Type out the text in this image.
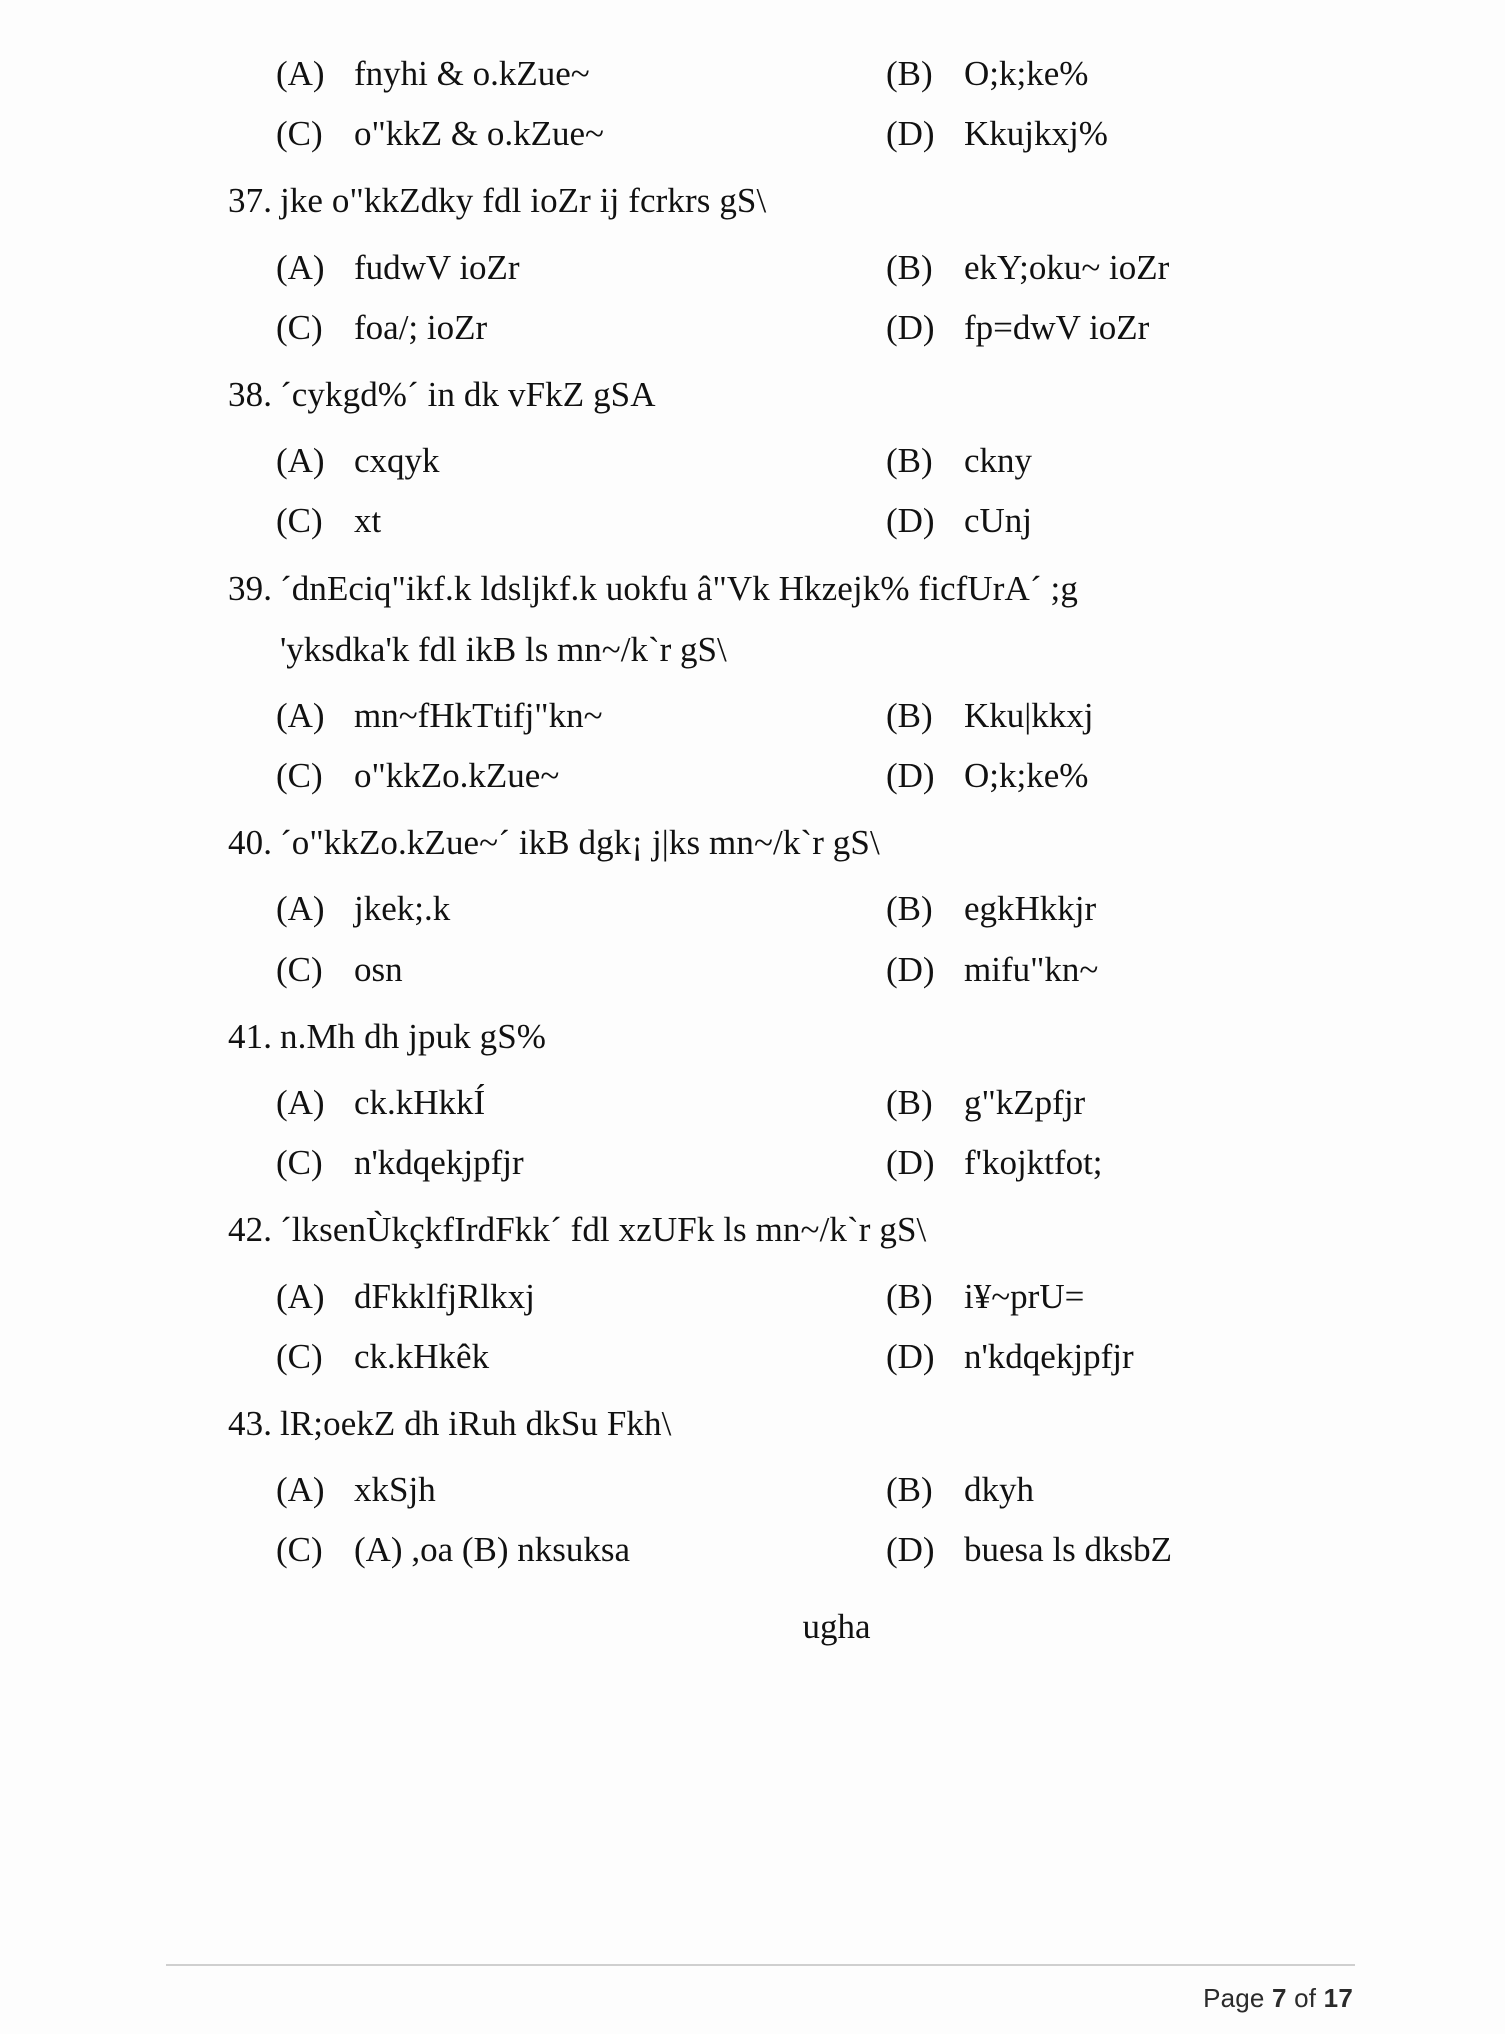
(A) fnyhi & o.kZue~	(B) O;k;ke%
(C) o"kkZ & o.kZue~	(D) Kkujkxj%
37. jke o"kkZdky fdl ioZr ij fcrkrs gS\
(A) fudwV ioZr	(B) ekY;oku~ ioZr
(C) foa/; ioZr	(D) fp=dwV ioZr
38. ´cykgd%´ in dk vFkZ gSA
(A) cxqyk	(B) ckny
(C) xt	(D) cUnj
39. ´dnEciq"ikf.k ldsljkf.k uokfu â"Vk Hkzejk% ficfUrA´ ;g
'yksdka'k fdl ikB ls mn~/k`r gS\
(A) mn~fHkTtifj"kn~	(B) Kku|kkxj
(C) o"kkZo.kZue~	(D) O;k;ke%
40. ´o"kkZo.kZue~´ ikB dgk¡ j|ks mn~/k`r gS\
(A) jkek;.k	(B) egkHkkjr
(C) osn	(D) mifu"kn~
41. n.Mh dh jpuk gS%
(A) ck.kHkkÍ	(B) g"kZpfjr
(C) n'kdqekjpfjr	(D) f'kojktfot;
42. ´lksenÙkçkfIrdFkk´ fdl xzUFk ls mn~/k`r gS\
(A) dFkklfjRlkxj	(B) i¥~prU=
(C) ck.kHkêk	(D) n'kdqekjpfjr
43. lR;oekZ dh iRuh dkSu Fkh\
(A) xkSjh	(B) dkyh
(C) (A) ,oa (B) nksuksa	(D) buesa ls dksbZ
ugha
Page 7 of 17
